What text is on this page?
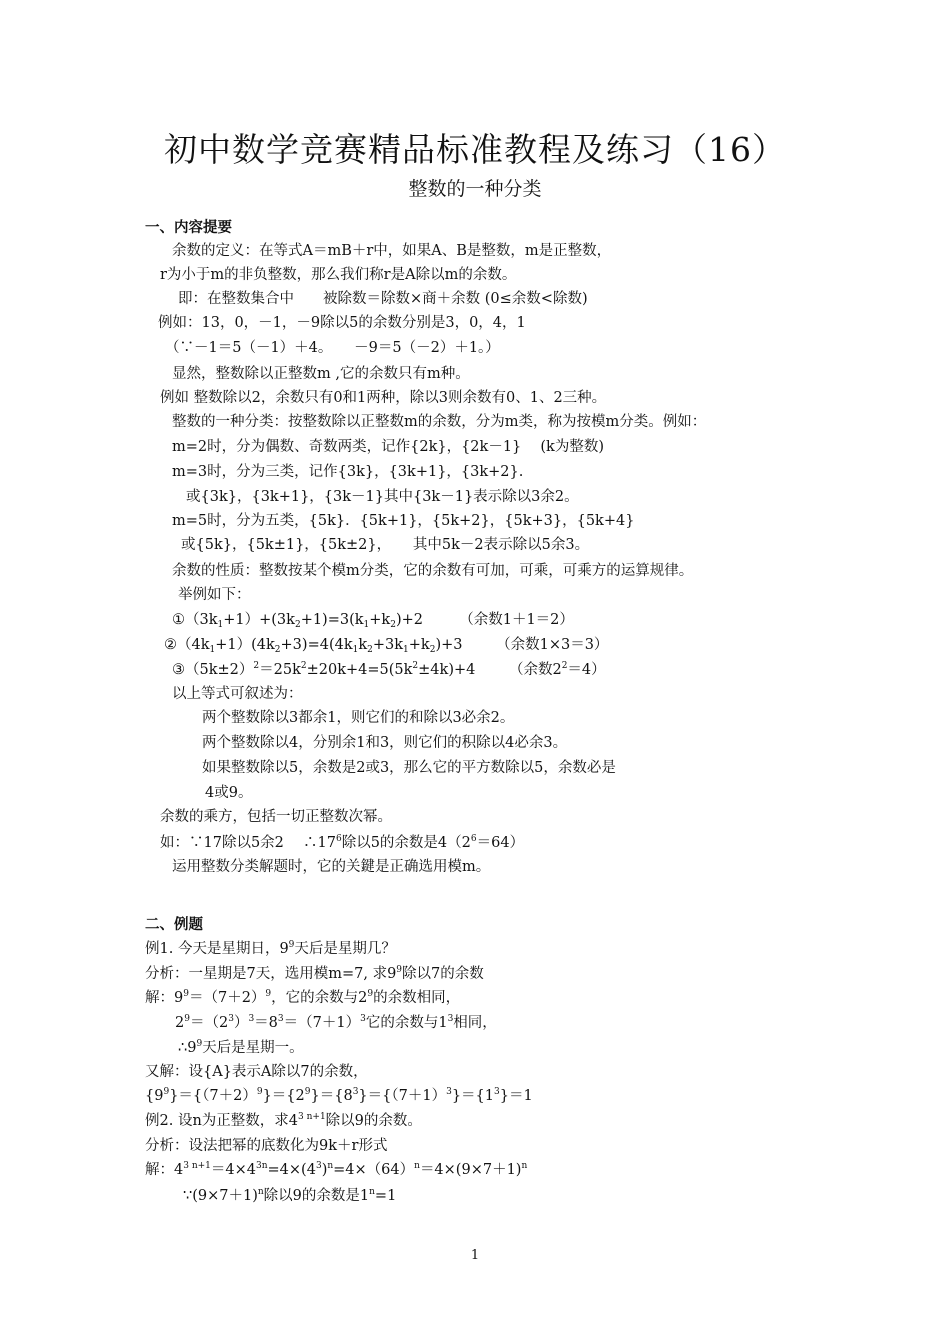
初中数学竞赛精品标准教程及练习（16）
整数的一种分类
一、内容提要
余数的定义：在等式A＝mB＋r中，如果A、B是整数，m是正整数，
r为小于m的非负整数，那么我们称r是A除以m的余数。
即：在整数集合中　　被除数＝除数×商＋余数 (0≤余数<除数)
例如：13，0，－1，－9除以5的余数分别是3，0，4，1
（∵－1＝5（－1）＋4。　　－9＝5（－2）＋1。）
显然，整数除以正整数m ,它的余数只有m种。
例如 整数除以2，余数只有0和1两种，除以3则余数有0、1、2三种。
整数的一种分类：按整数除以正整数m的余数，分为m类，称为按模m分类。例如：
m=2时，分为偶数、奇数两类，记作{2k}，{2k－1}　 (k为整数)
m=3时，分为三类，记作{3k}，{3k+1}，{3k+2}.
或{3k}，{3k+1}，{3k－1}其中{3k－1}表示除以3余2。
m=5时，分为五类，{5k}．{5k+1}，{5k+2}，{5k+3}，{5k+4}
或{5k}，{5k±1}，{5k±2}，　　其中5k－2表示除以5余3。
余数的性质：整数按某个模m分类，它的余数有可加，可乘，可乘方的运算规律。
举例如下：
$①(3k_1+1)+(3k_2+1)=3(k_1+k_2)+2$　　　（余数1＋1＝2）
$②(4k_1+1)(4k_2+3)=4(4k_1k_2+3k_1+k_2)+3$　　 （余数1×3＝3）
$③(5k\pm 2)^2=25k^2\pm 20k+4=5(5k^2\pm 4k)+4$　　 （余数$2^2=4$）
以上等式可叙述为：
两个整数除以3都余1，则它们的和除以3必余2。
两个整数除以4，分别余1和3，则它们的积除以4必余3。
如果整数除以5，余数是2或3，那么它的平方数除以5，余数必是
4或9。
余数的乘方，包括一切正整数次幂。
如：∵17除以5余2　 $\therefore 17^6$除以5的余数是$4(2^6=64)$
运用整数分类解题时，它的关鍵是正确选用模m。
二、例题
例1. 今天是星期日，$9^9$天后是星期几？
分析：一星期是7天，选用模m=7, 求$9^9$除以7的余数
解：$9^9=(7+2)^9$，它的余数与$2^9$的余数相同，
$2^9=(2^3)^3=8^3=(7+1)^3$它的余数与$1^3$相同，
$\therefore 9^9$天后是星期一。
又解：设{A}表示A除以7的余数，
$\{9^9\}=\{(7+2)^9\}=\{2^9\}=\{8^3\}=\{(7+1)^3\}=\{1^3\}=1$
例2. 设n为正整数，求$4^{3 n+1}$除以9的余数。
分析：设法把幂的底数化为9k＋r形式
解：$4^{3 n+1}=4\times 4^{3n}=4\times(4^3)^n=4\times(64)^n=4\times(9\times 7+1)^n$
$\because(9\times 7+1)^n$除以9的余数是$1^n=1$
1
